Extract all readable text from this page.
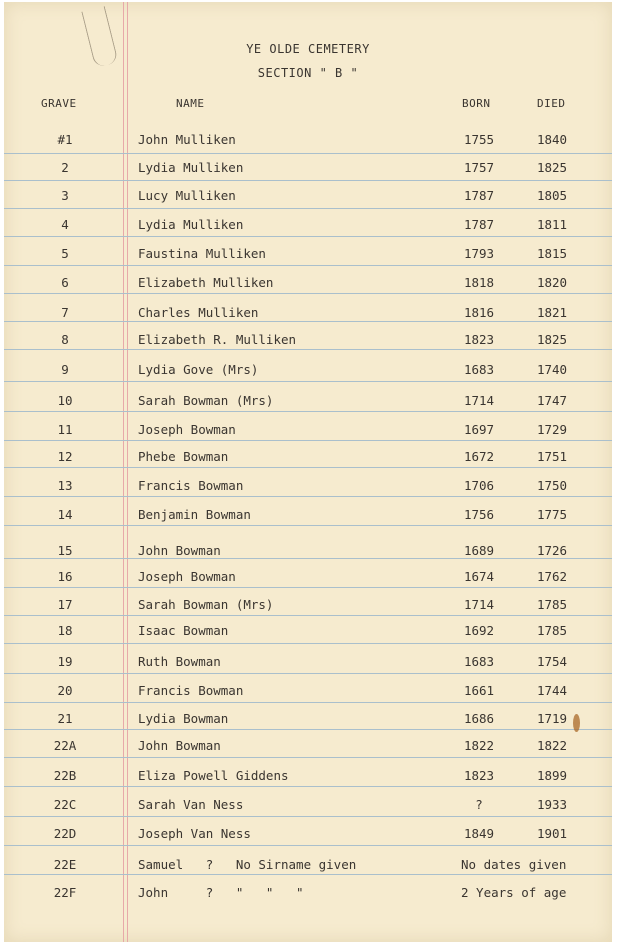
YE OLDE CEMETERY
SECTION " B "
GRAVE	NAME	BORN	DIED
#1	John Mulliken	1755	1840
2	Lydia Mulliken	1757	1825
3	Lucy Mulliken	1787	1805
4	Lydia Mulliken	1787	1811
5	Faustina Mulliken	1793	1815
6	Elizabeth Mulliken	1818	1820
7	Charles Mulliken	1816	1821
8	Elizabeth R. Mulliken	1823	1825
9	Lydia Gove (Mrs)	1683	1740
10	Sarah Bowman (Mrs)	1714	1747
11	Joseph Bowman	1697	1729
12	Phebe Bowman	1672	1751
13	Francis Bowman	1706	1750
14	Benjamin Bowman	1756	1775
15	John Bowman	1689	1726
16	Joseph Bowman	1674	1762
17	Sarah Bowman (Mrs)	1714	1785
18	Isaac Bowman	1692	1785
19	Ruth Bowman	1683	1754
20	Francis Bowman	1661	1744
21	Lydia Bowman	1686	1719
22A	John Bowman	1822	1822
22B	Eliza Powell Giddens	1823	1899
22C	Sarah Van Ness	?	1933
22D	Joseph Van Ness	1849	1901
22E	Samuel   ?   No Sirname given	No dates given
22F	John     ?   "   "   "	2 Years of age
